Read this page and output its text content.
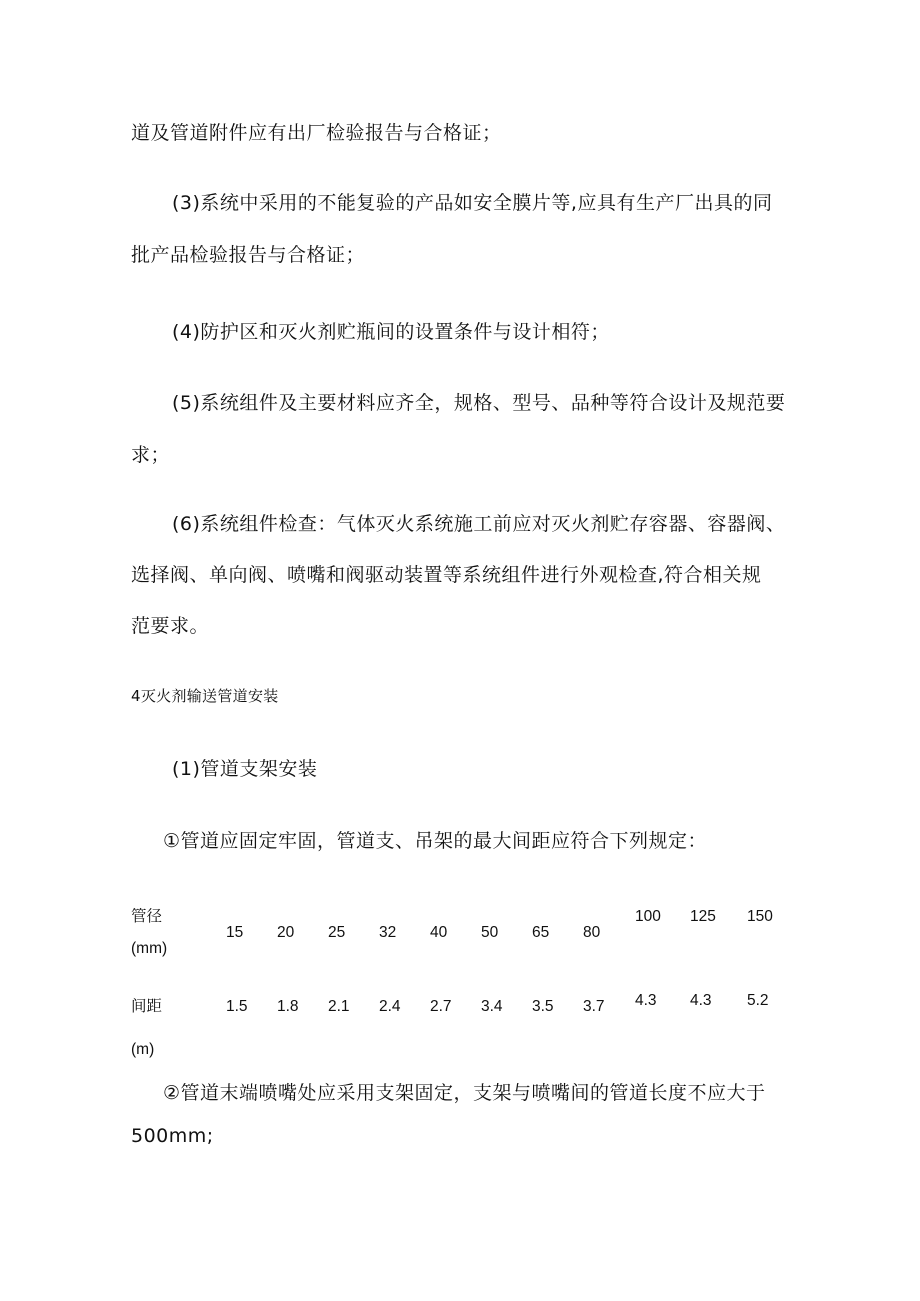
道及管道附件应有出厂检验报告与合格证；
(3)系统中采用的不能复验的产品如安全膜片等,应具有生产厂出具的同
批产品检验报告与合格证；
(4)防护区和灭火剂贮瓶间的设置条件与设计相符；
(5)系统组件及主要材料应齐全，规格、型号、品种等符合设计及规范要
求；
(6)系统组件检查：气体灭火系统施工前应对灭火剂贮存容器、容器阀、
选择阀、单向阀、喷嘴和阀驱动装置等系统组件进行外观检查,符合相关规
范要求。
4灭火剂输送管道安装
(1)管道支架安装
①管道应固定牢固，管道支、吊架的最大间距应符合下列规定：
管径(mm)
15 20 25 32 40 50 65 80
100 125 150
间距(m)
1.5 1.8 2.1 2.4 2.7 3.4 3.5 3.7 4.3 4.3 5.2
②管道末端喷嘴处应采用支架固定，支架与喷嘴间的管道长度不应大于
500mm;
